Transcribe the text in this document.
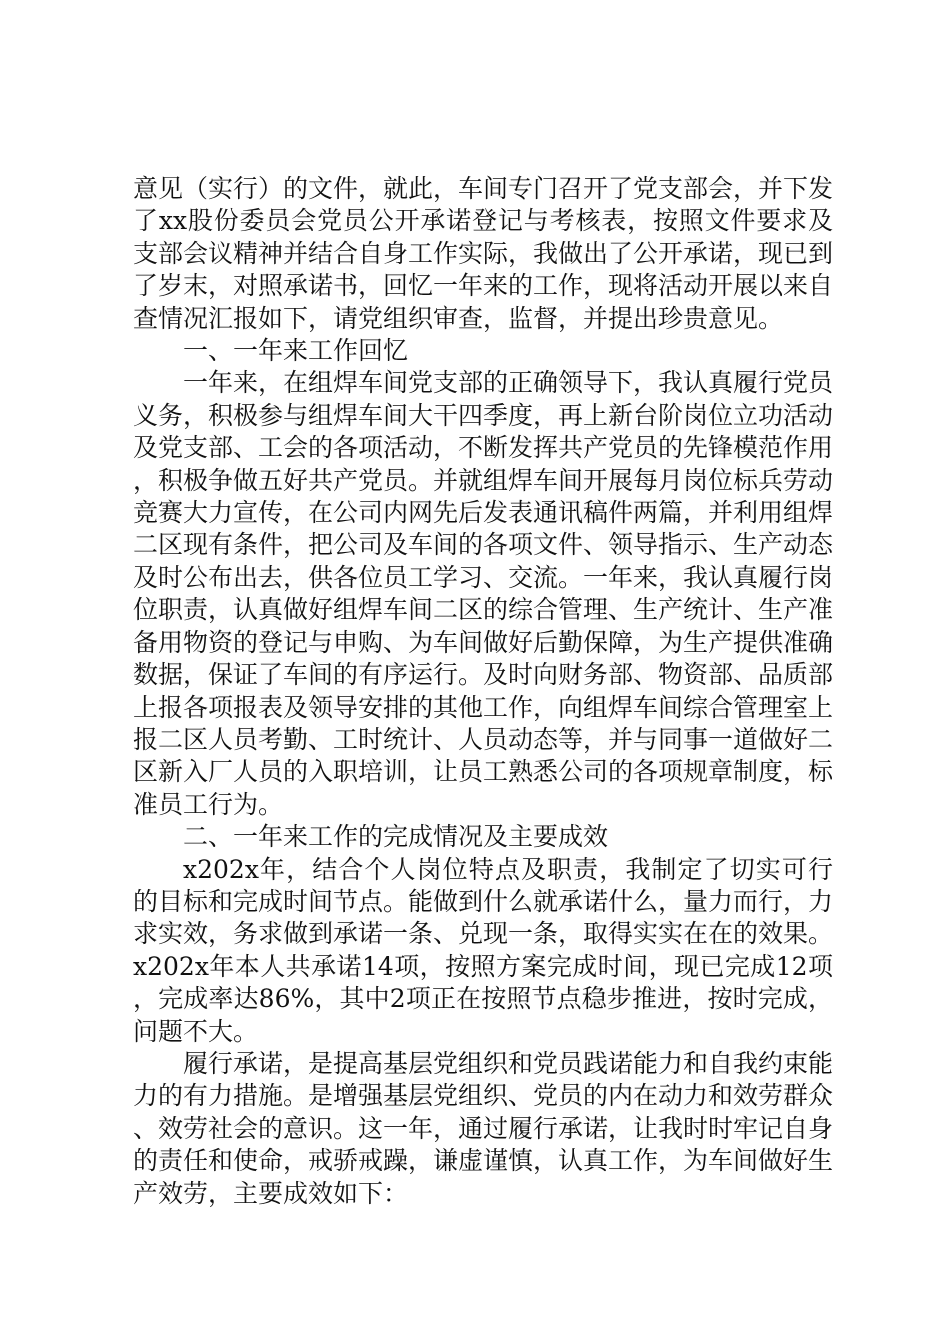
意见（实行）的文件，就此，车间专门召开了党支部会，并下发了xx股份委员会党员公开承诺登记与考核表，按照文件要求及支部会议精神并结合自身工作实际，我做出了公开承诺，现已到了岁末，对照承诺书，回忆一年来的工作，现将活动开展以来自查情况汇报如下，请党组织审查，监督，并提出珍贵意见。

一、一年来工作回忆

一年来，在组焊车间党支部的正确领导下，我认真履行党员义务，积极参与组焊车间大干四季度，再上新台阶岗位立功活动及党支部、工会的各项活动，不断发挥共产党员的先锋模范作用，积极争做五好共产党员。并就组焊车间开展每月岗位标兵劳动竞赛大力宣传，在公司内网先后发表通讯稿件两篇，并利用组焊二区现有条件，把公司及车间的各项文件、领导指示、生产动态及时公布出去，供各位员工学习、交流。一年来，我认真履行岗位职责，认真做好组焊车间二区的综合管理、生产统计、生产准备用物资的登记与申购、为车间做好后勤保障，为生产提供准确数据，保证了车间的有序运行。及时向财务部、物资部、品质部上报各项报表及领导安排的其他工作，向组焊车间综合管理室上报二区人员考勤、工时统计、人员动态等，并与同事一道做好二区新入厂人员的入职培训，让员工熟悉公司的各项规章制度，标准员工行为。

二、一年来工作的完成情况及主要成效

x202x年，结合个人岗位特点及职责，我制定了切实可行的目标和完成时间节点。能做到什么就承诺什么，量力而行，力求实效，务求做到承诺一条、兑现一条，取得实实在在的效果。x202x年本人共承诺14项，按照方案完成时间，现已完成12项，完成率达86%，其中2项正在按照节点稳步推进，按时完成，问题不大。

履行承诺，是提高基层党组织和党员践诺能力和自我约束能力的有力措施。是增强基层党组织、党员的内在动力和效劳群众、效劳社会的意识。这一年，通过履行承诺，让我时时牢记自身的责任和使命，戒骄戒躁，谦虚谨慎，认真工作，为车间做好生产效劳，主要成效如下：
